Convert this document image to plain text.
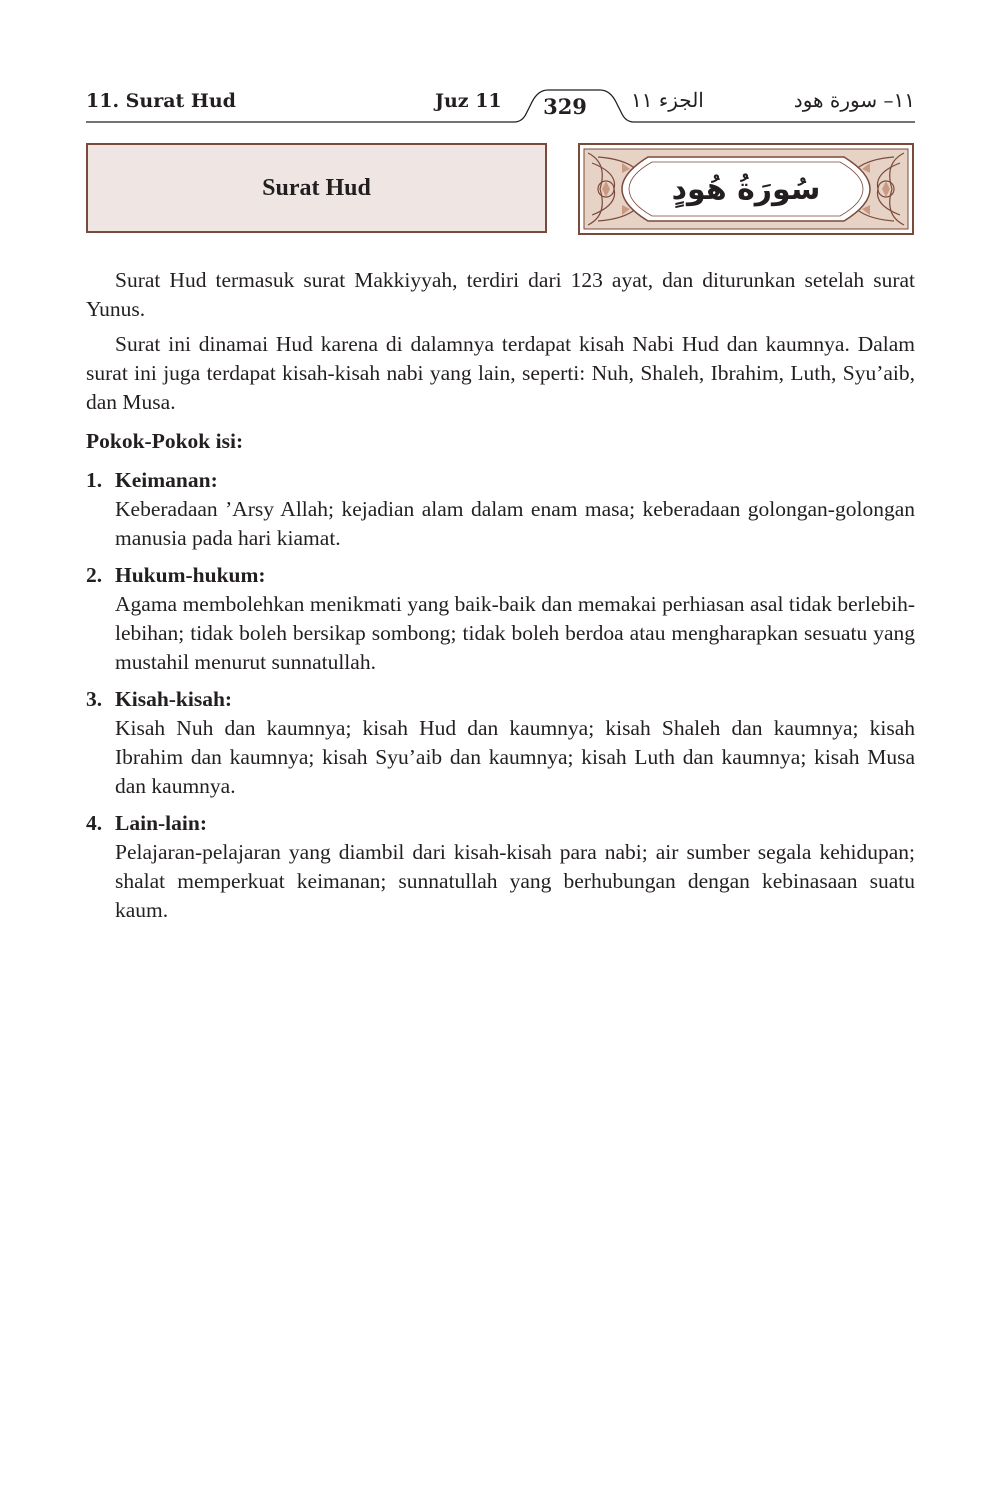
11. Surat Hud	Juz 11	329	الجزء ١١	١١– سورة هود
Surat Hud	سُورَةُ هُودٍ

Surat Hud termasuk surat Makkiyyah, terdiri dari 123 ayat, dan diturunkan setelah surat Yunus.

Surat ini dinamai Hud karena di dalamnya terdapat kisah Nabi Hud dan kaumnya. Dalam surat ini juga terdapat kisah-kisah nabi yang lain, seperti: Nuh, Shaleh, Ibrahim, Luth, Syu’aib, dan Musa.

Pokok-Pokok isi:
1. Keimanan:
Keberadaan ’Arsy Allah; kejadian alam dalam enam masa; keberadaan golongan-golongan manusia pada hari kiamat.
2. Hukum-hukum:
Agama membolehkan menikmati yang baik-baik dan memakai perhiasan asal tidak berlebih-lebihan; tidak boleh bersikap sombong; tidak boleh berdoa atau mengharapkan sesuatu yang mustahil menurut sunnatullah.
3. Kisah-kisah:
Kisah Nuh dan kaumnya; kisah Hud dan kaumnya; kisah Shaleh dan kaumnya; kisah Ibrahim dan kaumnya; kisah Syu’aib dan kaumnya; kisah Luth dan kaumnya; kisah Musa dan kaumnya.
4. Lain-lain:
Pelajaran-pelajaran yang diambil dari kisah-kisah para nabi; air sumber segala kehidupan; shalat memperkuat keimanan; sunnatullah yang berhubungan dengan kebinasaan suatu kaum.
